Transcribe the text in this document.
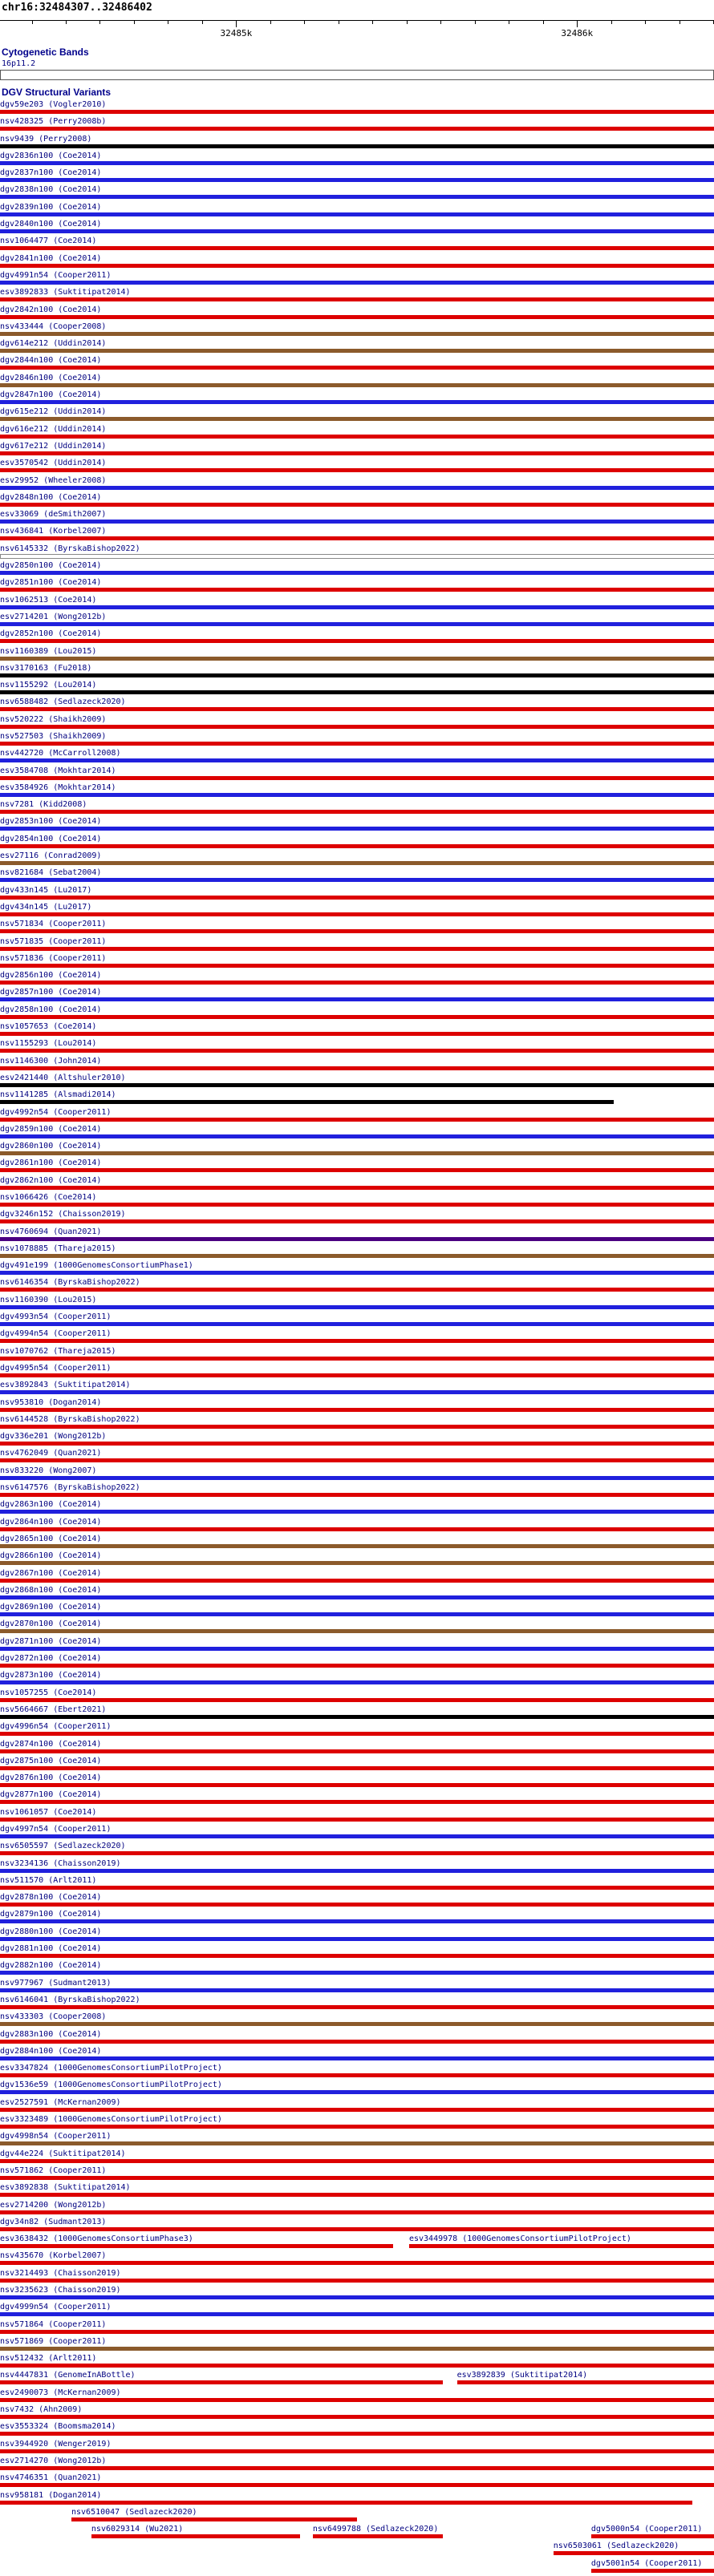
chr16:32484307..32486402
32485k	32486k
Cytogenetic Bands
16p11.2
DGV Structural Variants
dgv59e203 (Vogler2010)
nsv428325 (Perry2008b)
nsv9439 (Perry2008)
dgv2836n100 (Coe2014)
dgv2837n100 (Coe2014)
dgv2838n100 (Coe2014)
dgv2839n100 (Coe2014)
dgv2840n100 (Coe2014)
nsv1064477 (Coe2014)
dgv2841n100 (Coe2014)
dgv4991n54 (Cooper2011)
esv3892833 (Suktitipat2014)
dgv2842n100 (Coe2014)
nsv433444 (Cooper2008)
dgv614e212 (Uddin2014)
dgv2844n100 (Coe2014)
dgv2846n100 (Coe2014)
dgv2847n100 (Coe2014)
dgv615e212 (Uddin2014)
dgv616e212 (Uddin2014)
dgv617e212 (Uddin2014)
esv3570542 (Uddin2014)
esv29952 (Wheeler2008)
dgv2848n100 (Coe2014)
esv33069 (deSmith2007)
nsv436841 (Korbel2007)
nsv6145332 (ByrskaBishop2022)
dgv2850n100 (Coe2014)
dgv2851n100 (Coe2014)
nsv1062513 (Coe2014)
esv2714201 (Wong2012b)
dgv2852n100 (Coe2014)
nsv1160389 (Lou2015)
nsv3170163 (Fu2018)
nsv1155292 (Lou2014)
nsv6588482 (Sedlazeck2020)
nsv520222 (Shaikh2009)
nsv527503 (Shaikh2009)
nsv442720 (McCarroll2008)
esv3584708 (Mokhtar2014)
esv3584926 (Mokhtar2014)
nsv7281 (Kidd2008)
dgv2853n100 (Coe2014)
dgv2854n100 (Coe2014)
esv27116 (Conrad2009)
nsv821684 (Sebat2004)
dgv433n145 (Lu2017)
dgv434n145 (Lu2017)
nsv571834 (Cooper2011)
nsv571835 (Cooper2011)
nsv571836 (Cooper2011)
dgv2856n100 (Coe2014)
dgv2857n100 (Coe2014)
dgv2858n100 (Coe2014)
nsv1057653 (Coe2014)
nsv1155293 (Lou2014)
nsv1146300 (John2014)
esv2421440 (Altshuler2010)
nsv1141285 (Alsmadi2014)
dgv4992n54 (Cooper2011)
dgv2859n100 (Coe2014)
dgv2860n100 (Coe2014)
dgv2861n100 (Coe2014)
dgv2862n100 (Coe2014)
nsv1066426 (Coe2014)
dgv3246n152 (Chaisson2019)
nsv4760694 (Quan2021)
nsv1078885 (Thareja2015)
dgv491e199 (1000GenomesConsortiumPhase1)
nsv6146354 (ByrskaBishop2022)
nsv1160390 (Lou2015)
dgv4993n54 (Cooper2011)
dgv4994n54 (Cooper2011)
nsv1070762 (Thareja2015)
dgv4995n54 (Cooper2011)
esv3892843 (Suktitipat2014)
nsv953810 (Dogan2014)
nsv6144528 (ByrskaBishop2022)
dgv336e201 (Wong2012b)
nsv4762049 (Quan2021)
nsv833220 (Wong2007)
nsv6147576 (ByrskaBishop2022)
dgv2863n100 (Coe2014)
dgv2864n100 (Coe2014)
dgv2865n100 (Coe2014)
dgv2866n100 (Coe2014)
dgv2867n100 (Coe2014)
dgv2868n100 (Coe2014)
dgv2869n100 (Coe2014)
dgv2870n100 (Coe2014)
dgv2871n100 (Coe2014)
dgv2872n100 (Coe2014)
dgv2873n100 (Coe2014)
nsv1057255 (Coe2014)
nsv5664667 (Ebert2021)
dgv4996n54 (Cooper2011)
dgv2874n100 (Coe2014)
dgv2875n100 (Coe2014)
dgv2876n100 (Coe2014)
dgv2877n100 (Coe2014)
nsv1061057 (Coe2014)
dgv4997n54 (Cooper2011)
nsv6505597 (Sedlazeck2020)
nsv3234136 (Chaisson2019)
nsv511570 (Arlt2011)
dgv2878n100 (Coe2014)
dgv2879n100 (Coe2014)
dgv2880n100 (Coe2014)
dgv2881n100 (Coe2014)
dgv2882n100 (Coe2014)
nsv977967 (Sudmant2013)
nsv6146041 (ByrskaBishop2022)
nsv433303 (Cooper2008)
dgv2883n100 (Coe2014)
dgv2884n100 (Coe2014)
esv3347824 (1000GenomesConsortiumPilotProject)
dgv1536e59 (1000GenomesConsortiumPilotProject)
esv2527591 (McKernan2009)
esv3323489 (1000GenomesConsortiumPilotProject)
dgv4998n54 (Cooper2011)
dgv44e224 (Suktitipat2014)
nsv571862 (Cooper2011)
esv3892838 (Suktitipat2014)
esv2714200 (Wong2012b)
dgv34n82 (Sudmant2013)
esv3638432 (1000GenomesConsortiumPhase3)	esv3449978 (1000GenomesConsortiumPilotProject)
nsv435670 (Korbel2007)
nsv3214493 (Chaisson2019)
nsv3235623 (Chaisson2019)
dgv4999n54 (Cooper2011)
nsv571864 (Cooper2011)
nsv571869 (Cooper2011)
nsv512432 (Arlt2011)
nsv4447831 (GenomeInABottle)	esv3892839 (Suktitipat2014)
esv2490073 (McKernan2009)
nsv7432 (Ahn2009)
esv3553324 (Boomsma2014)
nsv3944920 (Wenger2019)
esv2714270 (Wong2012b)
nsv4746351 (Quan2021)
nsv958181 (Dogan2014)
nsv6510047 (Sedlazeck2020)
nsv6029314 (Wu2021)	nsv6499788 (Sedlazeck2020)	dgv5000n54 (Cooper2011)
nsv6503061 (Sedlazeck2020)
dgv5001n54 (Cooper2011)
